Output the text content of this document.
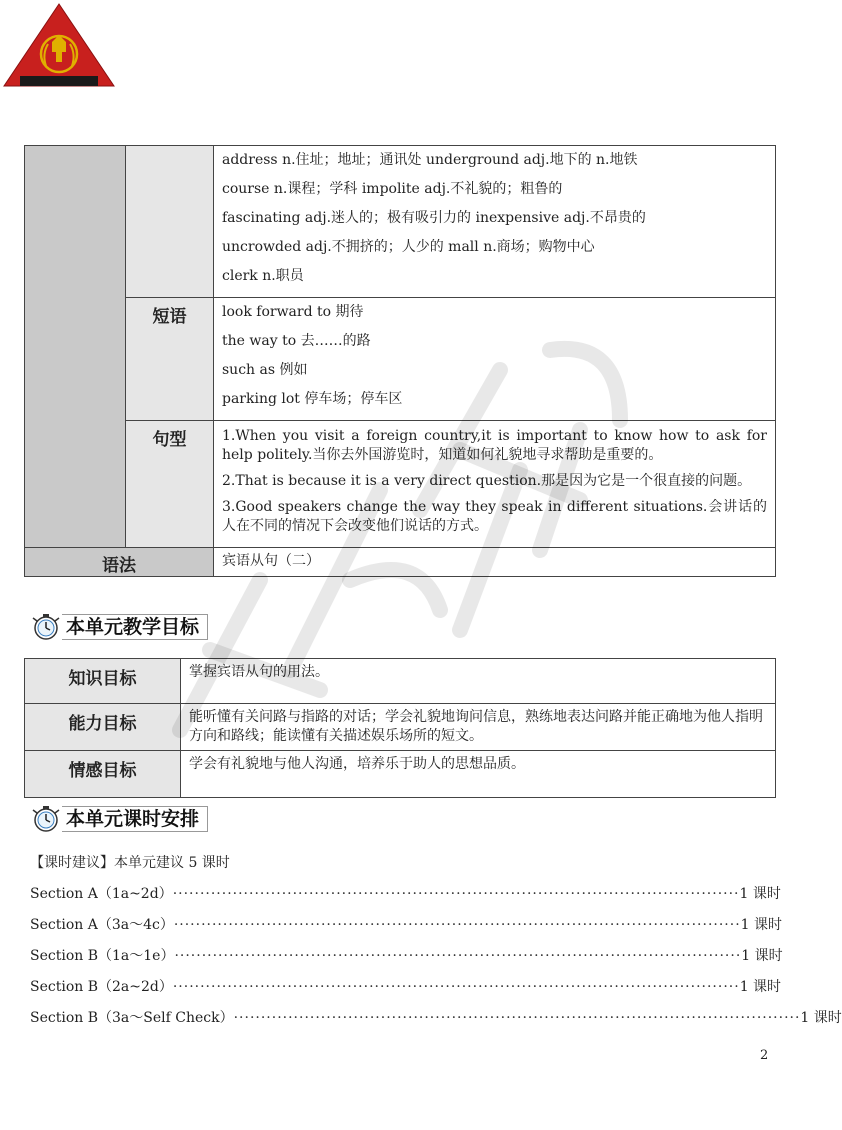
		address n.住址；地址；通讯处 underground adj.地下的 n.地铁
course n.课程；学科 impolite adj.不礼貌的；粗鲁的
fascinating adj.迷人的；极有吸引力的 inexpensive adj.不昂贵的
uncrowded adj.不拥挤的；人少的 mall n.商场；购物中心
clerk n.职员

	短语	look forward to 期待
the way to 去……的路
such as 例如
parking lot 停车场；停车区

	句型	1.When you visit a foreign country,it is important to know how to ask for help politely.当你去外国游览时，知道如何礼貌地寻求帮助是重要的。
2.That is because it is a very direct question.那是因为它是一个很直接的问题。
3.Good speakers change the way they speak in different situations.会讲话的人在不同的情况下会改变他们说话的方式。

语法		宾语从句（二）
本单元教学目标
知识目标	掌握宾语从句的用法。
能力目标	能听懂有关问路与指路的对话；学会礼貌地询问信息，熟练地表达问路并能正确地为他人指明方向和路线；能读懂有关描述娱乐场所的短文。
情感目标	学会有礼貌地与他人沟通，培养乐于助人的思想品质。
本单元课时安排
【课时建议】本单元建议 5 课时
Section A（1a~2d） ········································································································ 1 课时
Section A（3a～4c） ········································································································ 1 课时
Section B（1a～1e） ········································································································ 1 课时
Section B（2a~2d） ········································································································ 1 课时
Section B（3a～Self Check） ········································································································ 1 课时
2
